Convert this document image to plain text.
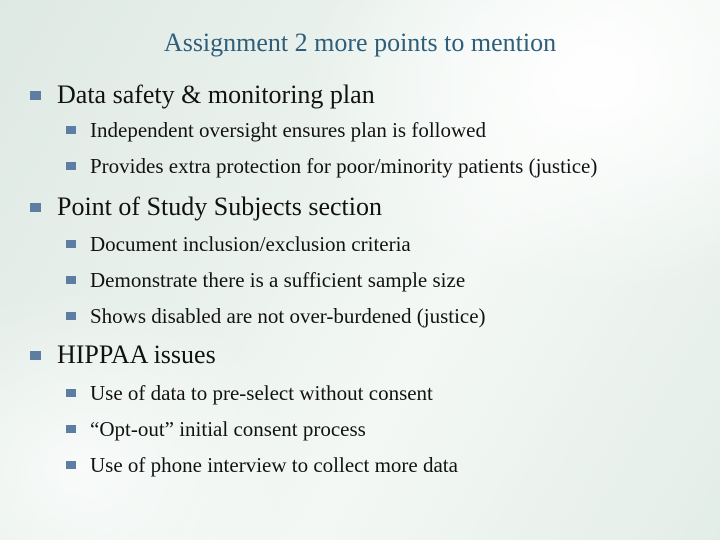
Assignment 2 more points to mention
Data safety & monitoring plan
Independent oversight ensures plan is followed
Provides extra protection for poor/minority patients (justice)
Point of Study Subjects section
Document inclusion/exclusion criteria
Demonstrate there is a sufficient sample size
Shows disabled are not over-burdened (justice)
HIPPAA issues
Use of data to pre-select without consent
“Opt-out” initial consent process
Use of phone interview to collect more data
